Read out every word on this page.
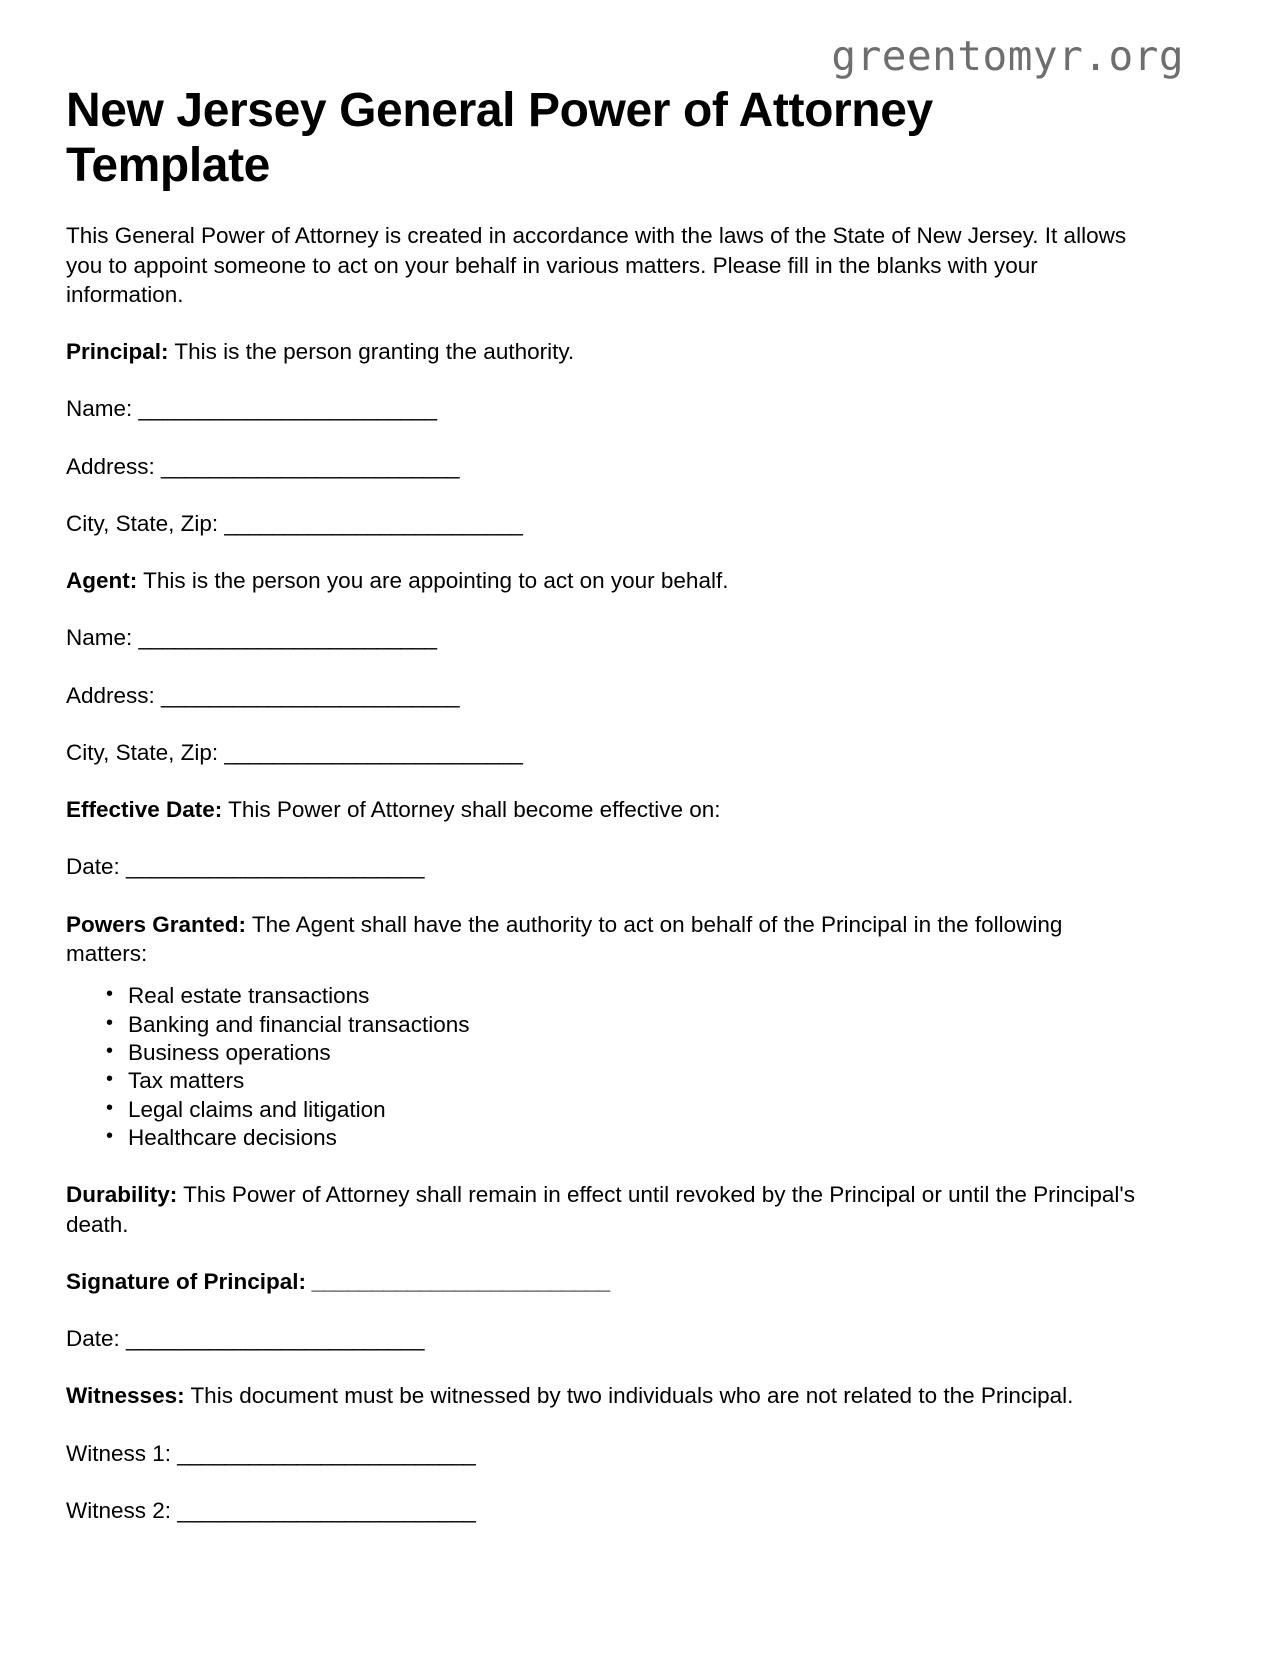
greentomyr.org
New Jersey General Power of Attorney Template

This General Power of Attorney is created in accordance with the laws of the State of New Jersey. It allows you to appoint someone to act on your behalf in various matters. Please fill in the blanks with your information.

Principal: This is the person granting the authority.

Name: _________________________

Address: _________________________

City, State, Zip: _________________________

Agent: This is the person you are appointing to act on your behalf.

Name: _________________________

Address: _________________________

City, State, Zip: _________________________

Effective Date: This Power of Attorney shall become effective on:

Date: _________________________

Powers Granted: The Agent shall have the authority to act on behalf of the Principal in the following matters:

• Real estate transactions
• Banking and financial transactions
• Business operations
• Tax matters
• Legal claims and litigation
• Healthcare decisions

Durability: This Power of Attorney shall remain in effect until revoked by the Principal or until the Principal's death.

Signature of Principal: _________________________

Date: _________________________

Witnesses: This document must be witnessed by two individuals who are not related to the Principal.

Witness 1: _________________________

Witness 2: _________________________
